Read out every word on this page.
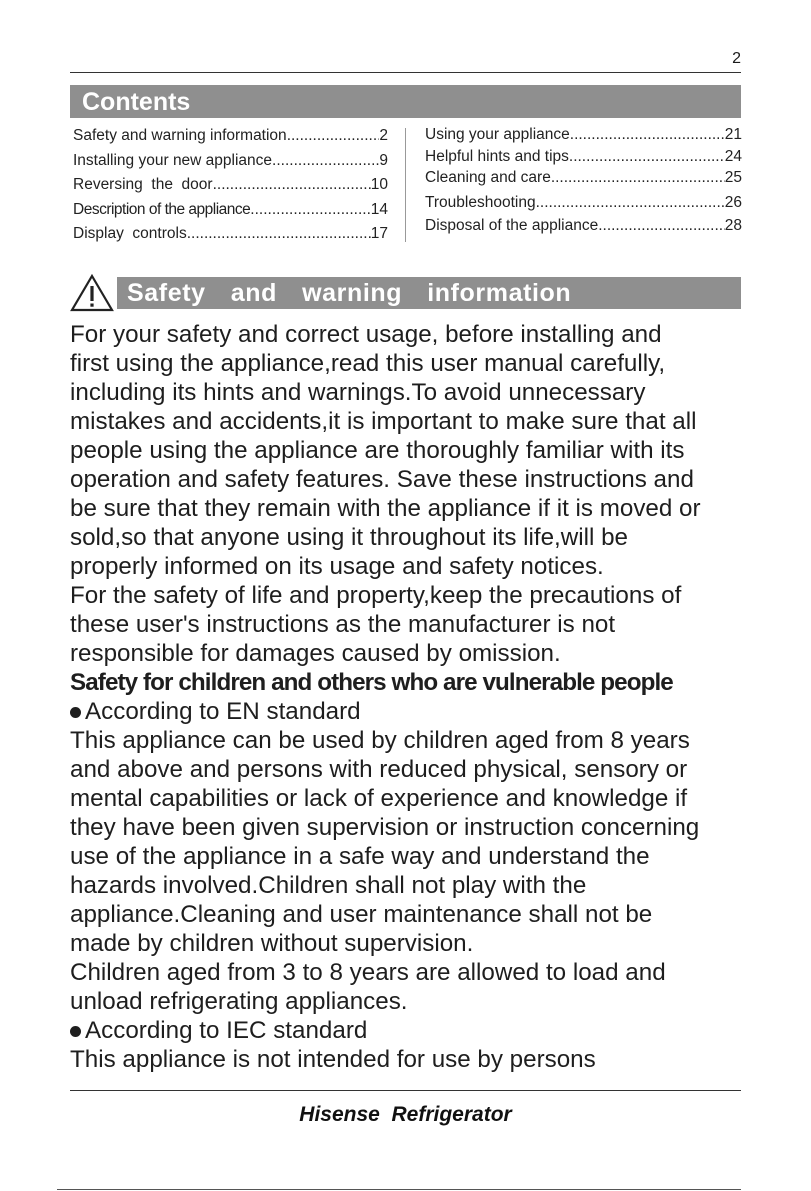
2
Contents
Safety and warning information .....	2
Installing your new appliance .....	9
Reversing  the  door .....	10
Description of the appliance .....	14
Display  controls .....	17
Using your appliance .....	21
Helpful hints and tips .....	24
Cleaning and care .....	25
Troubleshooting .....	26
Disposal of the appliance .....	28
Safety  and  warning  information

For your safety and correct usage, before installing and

first using the appliance,read this user manual carefully,

including its hints and warnings.To avoid unnecessary

mistakes and accidents,it is important to make sure that all

people using the appliance are thoroughly familiar with its

operation and safety features. Save these instructions and

be sure that they remain with the appliance if it is moved or

sold,so that anyone using it throughout its life,will be

properly informed on its usage and safety notices.

For the safety of life and property,keep the precautions of

these user's instructions as the manufacturer is not

responsible for damages caused by omission.

Safety for children and others who are vulnerable people

According to EN standard

This appliance can be used by children aged from 8 years

and above and persons with reduced physical, sensory or

mental capabilities or lack of experience and knowledge if

they have been given supervision or instruction concerning

use of the appliance in a safe way and understand the

hazards involved.Children shall not play with the

appliance.Cleaning and user maintenance shall not be

made by children without supervision.

Children aged from 3 to 8 years are allowed to load and

unload refrigerating appliances.

According to IEC standard

This appliance is not intended for use by persons

Hisense  Refrigerator
